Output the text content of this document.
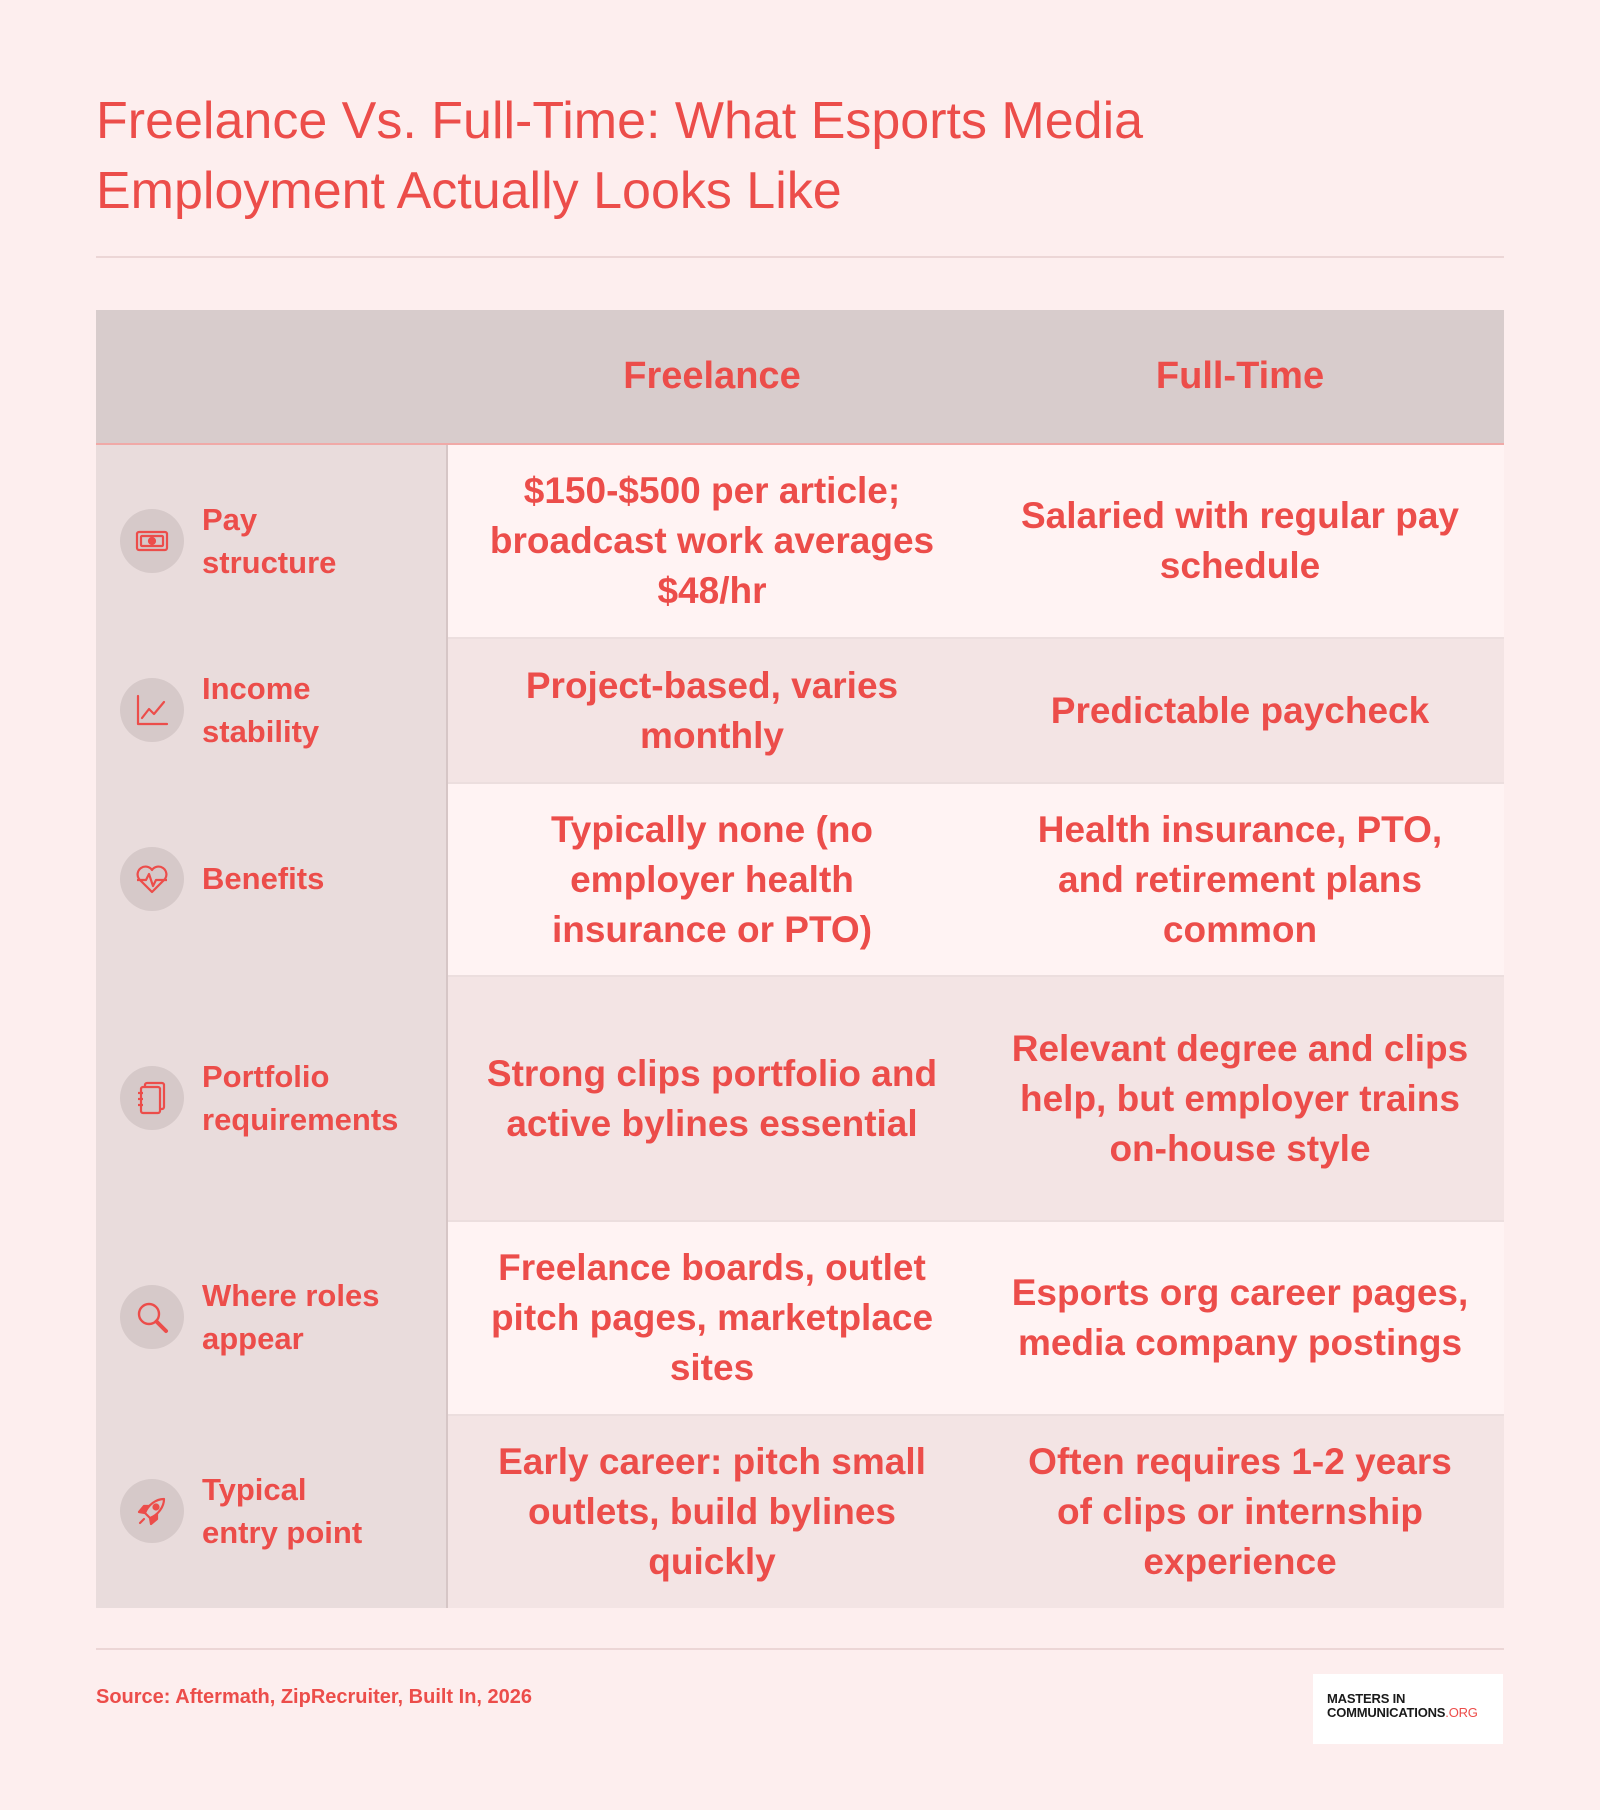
Freelance Vs. Full-Time: What Esports Media
Employment Actually Looks Like
Freelance	Full-Time
Pay
structure
$150-$500 per article; broadcast work averages $48/hr
Salaried with regular pay schedule
Income
stability
Project-based, varies monthly
Predictable paycheck
Benefits
Typically none (no employer health insurance or PTO)
Health insurance, PTO, and retirement plans common
Portfolio
requirements
Strong clips portfolio and active bylines essential
Relevant degree and clips help, but employer trains on-house style
Where roles
appear
Freelance boards, outlet pitch pages, marketplace sites
Esports org career pages, media company postings
Typical
entry point
Early career: pitch small outlets, build bylines quickly
Often requires 1-2 years of clips or internship experience
Source: Aftermath, ZipRecruiter, Built In, 2026	MASTERS IN
COMMUNICATIONS.ORG
